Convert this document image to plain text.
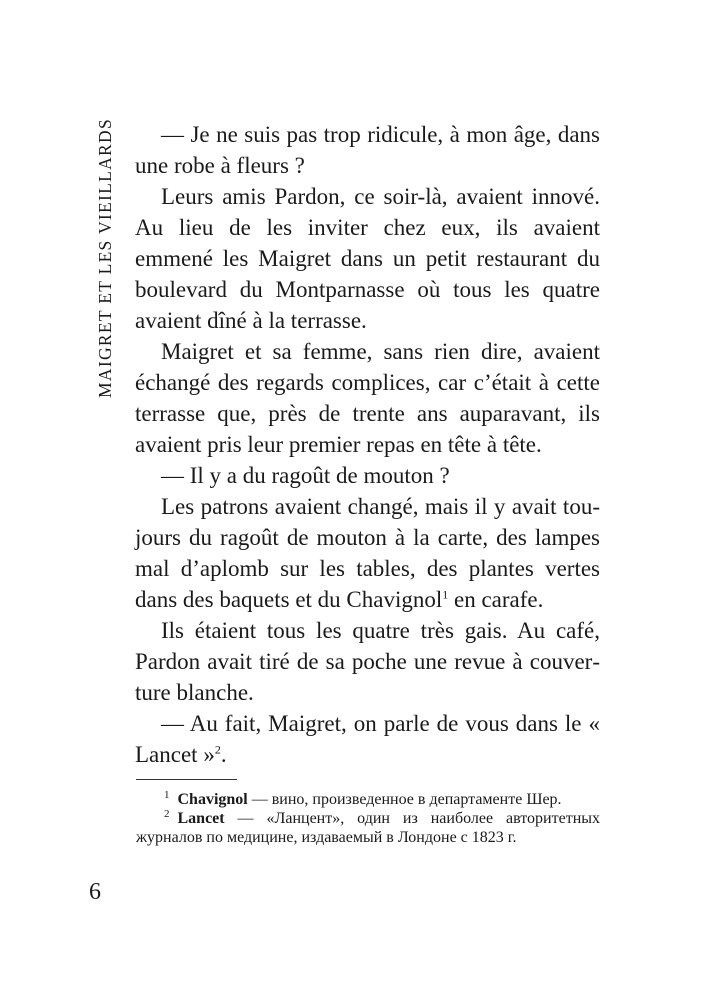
MAIGRET ET LES VIEILLARDS	— Je ne suis pas trop ridicule, à mon âge, dans une robe à fleurs ?

Leurs amis Pardon, ce soir-là, avaient innové. Au lieu de les inviter chez eux, ils avaient emmené les Maigret dans un petit restaurant du boulevard du Montparnasse où tous les quatre avaient dîné à la terrasse.

Maigret et sa femme, sans rien dire, avaient échangé des regards complices, car c’était à cette terrasse que, près de trente ans auparavant, ils avaient pris leur premier repas en tête à tête.

— Il y a du ragoût de mouton ?

Les patrons avaient changé, mais il y avait toujours du ragoût de mouton à la carte, des lampes mal d’aplomb sur les tables, des plantes vertes dans des baquets et du Chavignol$^1$ en carafe.

Ils étaient tous les quatre très gais. Au café, Pardon avait tiré de sa poche une revue à couverture blanche.

— Au fait, Maigret, on parle de vous dans le « Lancet »$^2$.

$^1$ Chavignol — вино, произведенное в департаменте Шер.

$^2$ Lancet — «Ланцент», один из наиболее авторитетных журналов по медицине, издаваемый в Лондоне с 1823 г.

6
